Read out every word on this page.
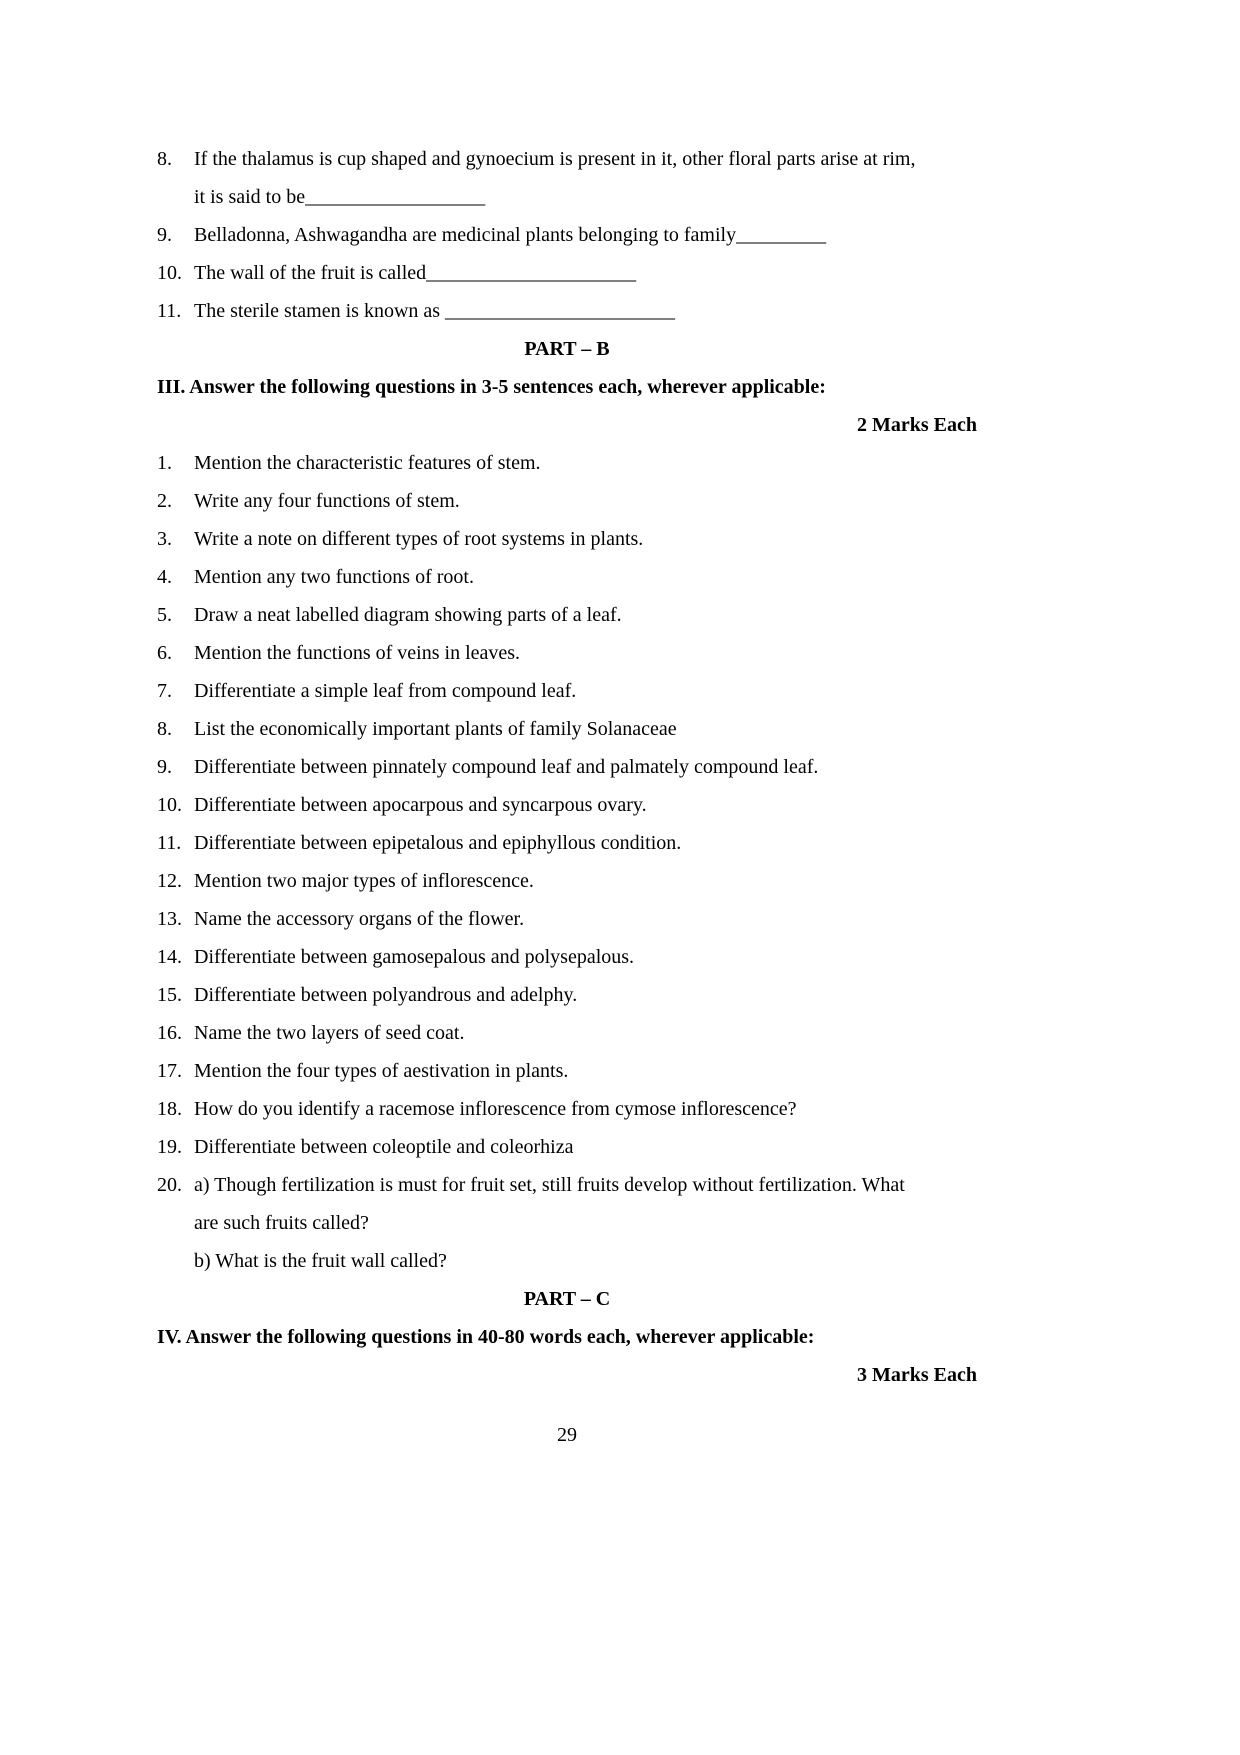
8.	If the thalamus is cup shaped and gynoecium is present in it, other floral parts arise at rim,
it is said to be__________________
9.	Belladonna, Ashwagandha are medicinal plants belonging to family_________
10. The wall of the fruit is called_____________________
11. The sterile stamen is known as _______________________
PART – B
III. Answer the following questions in 3-5 sentences each, wherever applicable:
2 Marks Each
1.	Mention the characteristic features of stem.
2.	Write any four functions of stem.
3.	Write a note on different types of root systems in plants.
4.	Mention any two functions of root.
5.	Draw a neat labelled diagram showing parts of a leaf.
6.	Mention the functions of veins in leaves.
7.	Differentiate a simple leaf from compound leaf.
8.	List the economically important plants of family Solanaceae
9.	Differentiate between pinnately compound leaf and palmately compound leaf.
10. Differentiate between apocarpous and syncarpous ovary.
11. Differentiate between epipetalous and epiphyllous condition.
12. Mention two major types of inflorescence.
13. Name the accessory organs of the flower.
14. Differentiate between gamosepalous and polysepalous.
15. Differentiate between polyandrous and adelphy.
16. Name the two layers of seed coat.
17. Mention the four types of aestivation in plants.
18. How do you identify a racemose inflorescence from cymose inflorescence?
19. Differentiate between coleoptile and coleorhiza
20. a) Though fertilization is must for fruit set, still fruits develop without fertilization. What
are such fruits called?
b) What is the fruit wall called?
PART – C
IV. Answer the following questions in 40-80 words each, wherever applicable:
3 Marks Each
29
